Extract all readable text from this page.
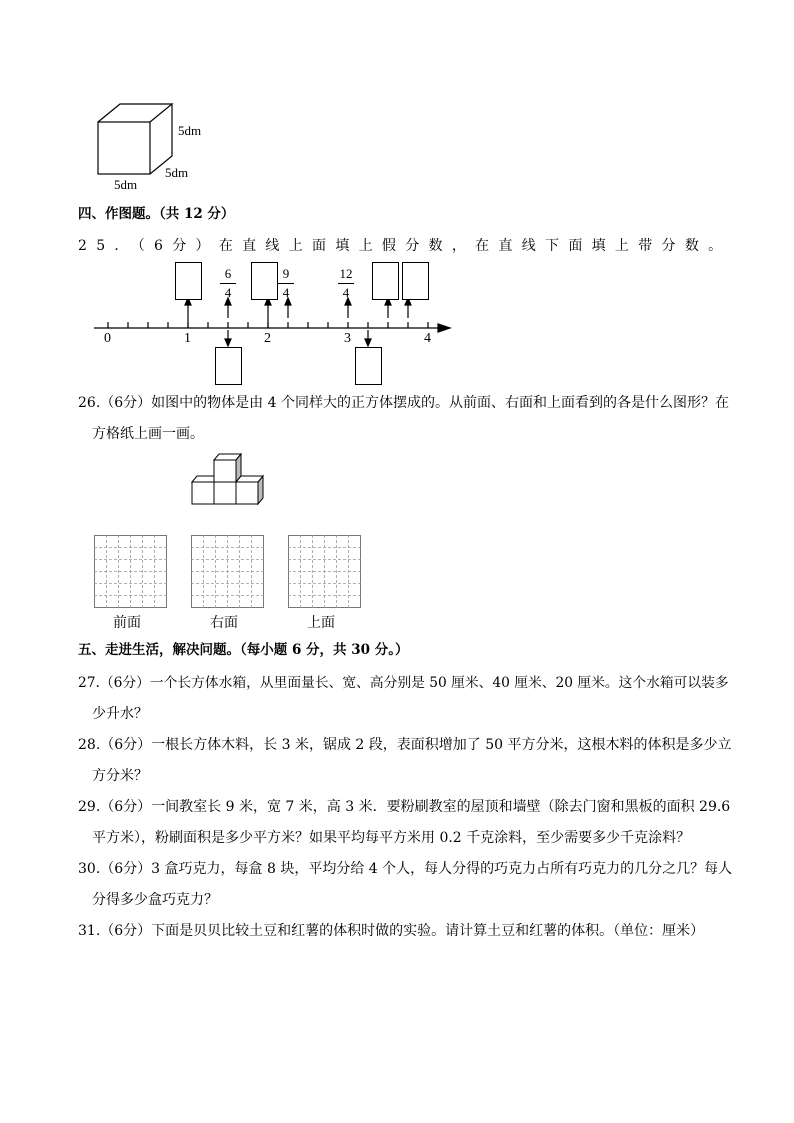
5dm
5dm
5dm
四、作图题。（共 12 分）
25．（6分）在直线上面填上假分数，在直线下面填上带分数。
6
4
9
4
12
4
0	1	2	3	4
26.（6分）如图中的物体是由 4 个同样大的正方体摆成的。从前面、右面和上面看到的各是什么图形？在
方格纸上画一画。
前面	右面	上面
五、走进生活，解决问题。（每小题 6 分，共 30 分。）
27.（6分）一个长方体水箱，从里面量长、宽、高分别是 50 厘米、40 厘米、20 厘米。这个水箱可以装多
少升水？
28.（6分）一根长方体木料，长 3 米，锯成 2 段，表面积增加了 50 平方分米，这根木料的体积是多少立
方分米？
29.（6分）一间教室长 9 米，宽 7 米，高 3 米．要粉刷教室的屋顶和墙壁（除去门窗和黑板的面积 29.6
平方米），粉刷面积是多少平方米？如果平均每平方米用 0.2 千克涂料，至少需要多少千克涂料？
30.（6分）3 盒巧克力，每盒 8 块，平均分给 4 个人，每人分得的巧克力占所有巧克力的几分之几？每人
分得多少盒巧克力？
31.（6分）下面是贝贝比较土豆和红薯的体积时做的实验。请计算土豆和红薯的体积。（单位：厘米）
